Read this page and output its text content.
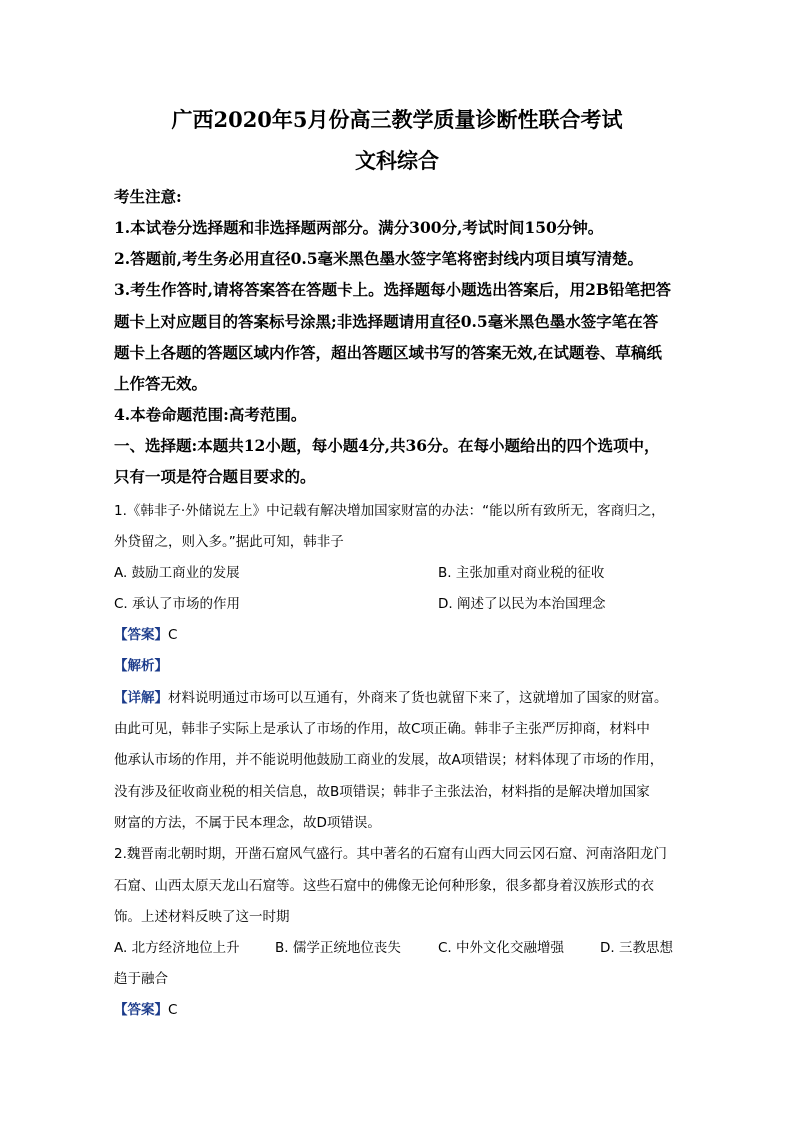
广西2020年5月份高三教学质量诊断性联合考试
文科综合
考生注意:
1.本试卷分选择题和非选择题两部分。满分300分,考试时间150分钟。
2.答题前,考生务必用直径0.5毫米黑色墨水签字笔将密封线内项目填写清楚。
3.考生作答时,请将答案答在答题卡上。选择题每小题选出答案后，用2B铅笔把答
题卡上对应题目的答案标号涂黑;非选择题请用直径0.5毫米黑色墨水签字笔在答
题卡上各题的答题区域内作答，超出答题区域书写的答案无效,在试题卷、草稿纸
上作答无效。
4.本卷命题范围:高考范围。
一、选择题:本题共12小题，每小题4分,共36分。在每小题给出的四个选项中，
只有一项是符合题目要求的。
1.《韩非子·外储说左上》中记载有解决增加国家财富的办法：“能以所有致所无，客商归之，
外贷留之，则入多。”据此可知，韩非子
A. 鼓励工商业的发展	B. 主张加重对商业税的征收
C. 承认了市场的作用	D. 阐述了以民为本治国理念
【答案】C
【解析】
【详解】材料说明通过市场可以互通有，外商来了货也就留下来了，这就增加了国家的财富。
由此可见，韩非子实际上是承认了市场的作用，故C项正确。韩非子主张严厉抑商，材料中
他承认市场的作用，并不能说明他鼓励工商业的发展，故A项错误；材料体现了市场的作用，
没有涉及征收商业税的相关信息，故B项错误；韩非子主张法治，材料指的是解决增加国家
财富的方法，不属于民本理念，故D项错误。
2.魏晋南北朝时期，开凿石窟风气盛行。其中著名的石窟有山西大同云冈石窟、河南洛阳龙门
石窟、山西太原天龙山石窟等。这些石窟中的佛像无论何种形象，很多都身着汉族形式的衣
饰。上述材料反映了这一时期
A. 北方经济地位上升	B. 儒学正统地位丧失	C. 中外文化交融增强	D. 三教思想
趋于融合
【答案】C
